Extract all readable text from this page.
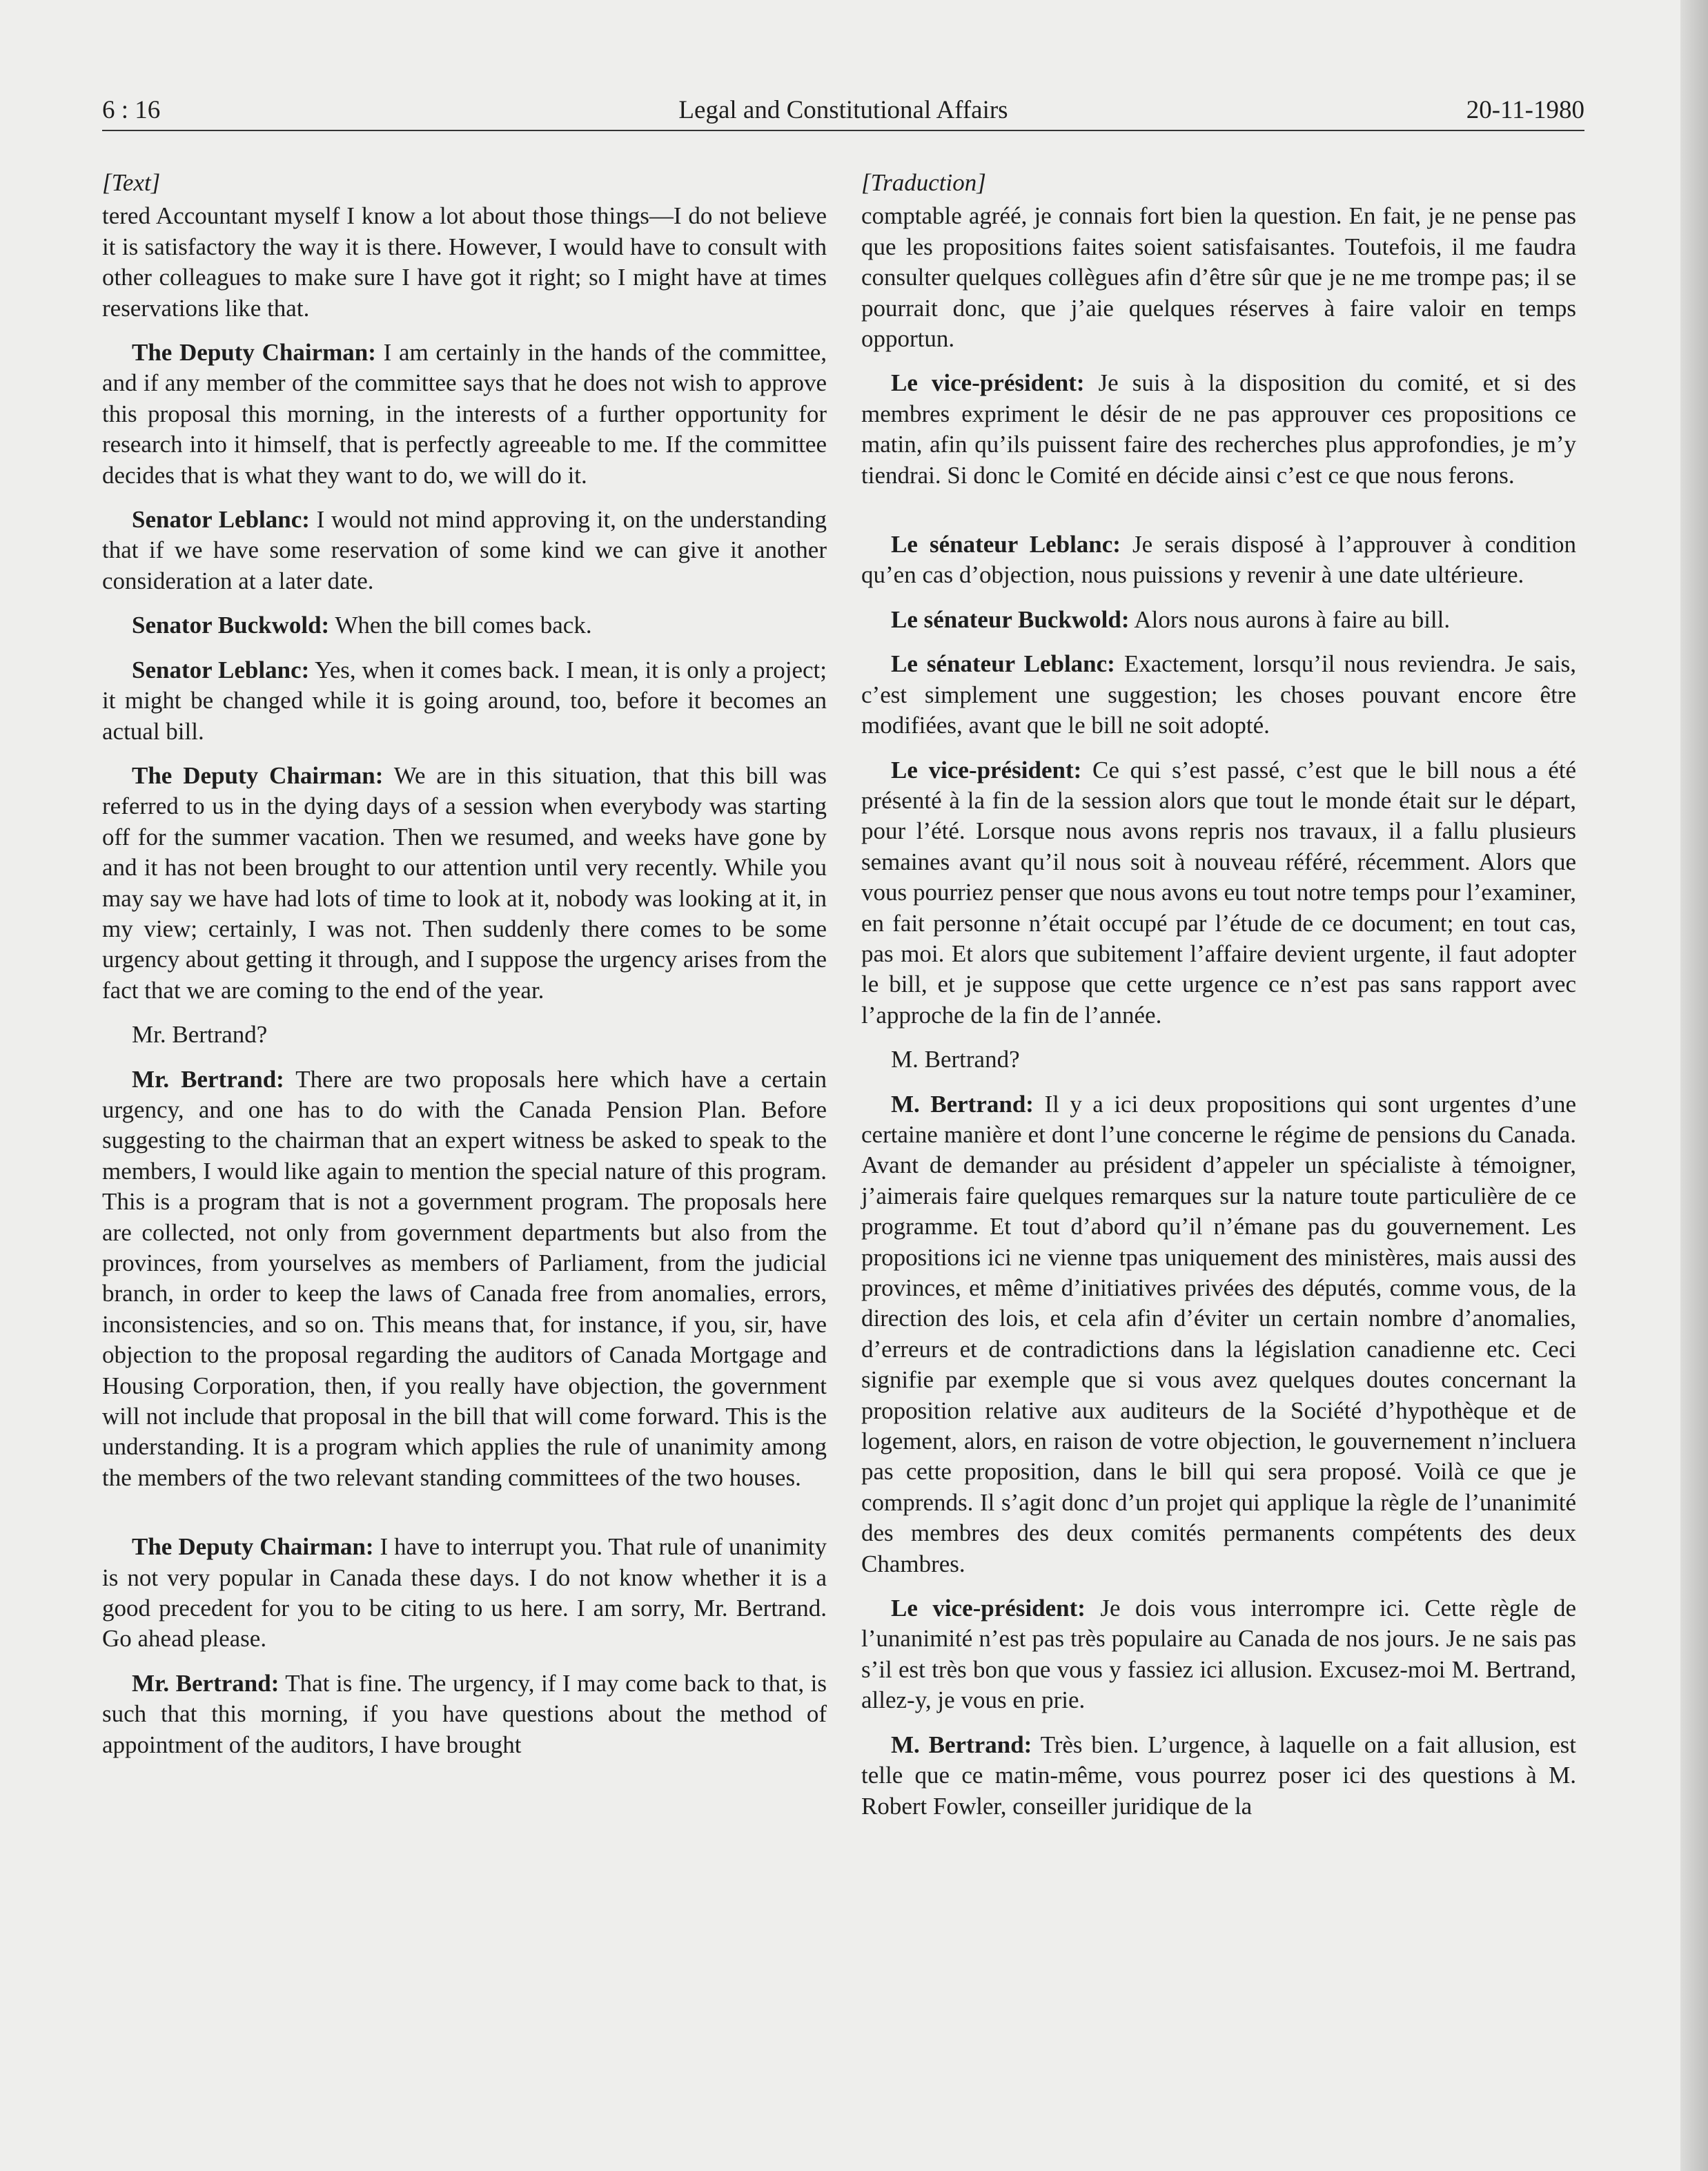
6 : 16	Legal and Constitutional Affairs	20-11-1980

[Text]

tered Accountant myself I know a lot about those things—I do not believe it is satisfactory the way it is there. However, I would have to consult with other colleagues to make sure I have got it right; so I might have at times reservations like that.

The Deputy Chairman: I am certainly in the hands of the committee, and if any member of the committee says that he does not wish to approve this proposal this morning, in the interests of a further opportunity for research into it himself, that is perfectly agreeable to me. If the committee decides that is what they want to do, we will do it.

Senator Leblanc: I would not mind approving it, on the understanding that if we have some reservation of some kind we can give it another consideration at a later date.

Senator Buckwold: When the bill comes back.

Senator Leblanc: Yes, when it comes back. I mean, it is only a project; it might be changed while it is going around, too, before it becomes an actual bill.

The Deputy Chairman: We are in this situation, that this bill was referred to us in the dying days of a session when everybody was starting off for the summer vacation. Then we resumed, and weeks have gone by and it has not been brought to our attention until very recently. While you may say we have had lots of time to look at it, nobody was looking at it, in my view; certainly, I was not. Then suddenly there comes to be some urgency about getting it through, and I suppose the urgency arises from the fact that we are coming to the end of the year.

Mr. Bertrand?

Mr. Bertrand: There are two proposals here which have a certain urgency, and one has to do with the Canada Pension Plan. Before suggesting to the chairman that an expert witness be asked to speak to the members, I would like again to mention the special nature of this program. This is a program that is not a government program. The proposals here are collected, not only from government departments but also from the provinces, from yourselves as members of Parliament, from the judicial branch, in order to keep the laws of Canada free from anomalies, errors, inconsistencies, and so on. This means that, for instance, if you, sir, have objection to the proposal regarding the auditors of Canada Mortgage and Housing Corporation, then, if you really have objection, the government will not include that proposal in the bill that will come forward. This is the understanding. It is a program which applies the rule of unanimity among the members of the two relevant standing committees of the two houses.

The Deputy Chairman: I have to interrupt you. That rule of unanimity is not very popular in Canada these days. I do not know whether it is a good precedent for you to be citing to us here. I am sorry, Mr. Bertrand. Go ahead please.

Mr. Bertrand: That is fine. The urgency, if I may come back to that, is such that this morning, if you have questions about the method of appointment of the auditors, I have brought

[Traduction]

comptable agréé, je connais fort bien la question. En fait, je ne pense pas que les propositions faites soient satisfaisantes. Toutefois, il me faudra consulter quelques collègues afin d’être sûr que je ne me trompe pas; il se pourrait donc, que j’aie quelques réserves à faire valoir en temps opportun.

Le vice-président: Je suis à la disposition du comité, et si des membres expriment le désir de ne pas approuver ces propositions ce matin, afin qu’ils puissent faire des recherches plus approfondies, je m’y tiendrai. Si donc le Comité en décide ainsi c’est ce que nous ferons.

Le sénateur Leblanc: Je serais disposé à l’approuver à condition qu’en cas d’objection, nous puissions y revenir à une date ultérieure.

Le sénateur Buckwold: Alors nous aurons à faire au bill.

Le sénateur Leblanc: Exactement, lorsqu’il nous reviendra. Je sais, c’est simplement une suggestion; les choses pouvant encore être modifiées, avant que le bill ne soit adopté.

Le vice-président: Ce qui s’est passé, c’est que le bill nous a été présenté à la fin de la session alors que tout le monde était sur le départ, pour l’été. Lorsque nous avons repris nos travaux, il a fallu plusieurs semaines avant qu’il nous soit à nouveau référé, récemment. Alors que vous pourriez penser que nous avons eu tout notre temps pour l’examiner, en fait personne n’était occupé par l’étude de ce document; en tout cas, pas moi. Et alors que subitement l’affaire devient urgente, il faut adopter le bill, et je suppose que cette urgence ce n’est pas sans rapport avec l’approche de la fin de l’année.

M. Bertrand?

M. Bertrand: Il y a ici deux propositions qui sont urgentes d’une certaine manière et dont l’une concerne le régime de pensions du Canada. Avant de demander au président d’appeler un spécialiste à témoigner, j’aimerais faire quelques remarques sur la nature toute particulière de ce programme. Et tout d’abord qu’il n’émane pas du gouvernement. Les propositions ici ne vienne tpas uniquement des ministères, mais aussi des provinces, et même d’initiatives privées des députés, comme vous, de la direction des lois, et cela afin d’éviter un certain nombre d’anomalies, d’erreurs et de contradictions dans la législation canadienne etc. Ceci signifie par exemple que si vous avez quelques doutes concernant la proposition relative aux auditeurs de la Société d’hypothèque et de logement, alors, en raison de votre objection, le gouvernement n’incluera pas cette proposition, dans le bill qui sera proposé. Voilà ce que je comprends. Il s’agit donc d’un projet qui applique la règle de l’unanimité des membres des deux comités permanents compétents des deux Chambres.

Le vice-président: Je dois vous interrompre ici. Cette règle de l’unanimité n’est pas très populaire au Canada de nos jours. Je ne sais pas s’il est très bon que vous y fassiez ici allusion. Excusez-moi M. Bertrand, allez-y, je vous en prie.

M. Bertrand: Très bien. L’urgence, à laquelle on a fait allusion, est telle que ce matin-même, vous pourrez poser ici des questions à M. Robert Fowler, conseiller juridique de la
